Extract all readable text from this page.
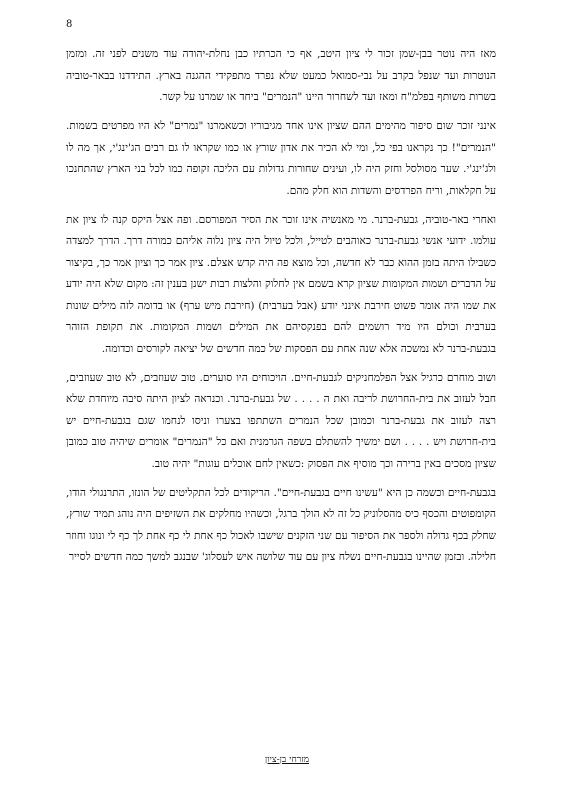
8

מאז היה נוטר בבן-שמן זכור לי ציון היטב, אף כי הכרתיו כבן נחלת-יהודה עוד משנים לפני זה. ומזמן הנוטרות ועד שנפל בקרב על נבי-סמואל כמעט שלא נפרד מתפקידי ההגנה בארץ. התידדנו בבאר-טוביה בשרות משותף בפלמ"ח ומאז ועד לשחרור היינו "הנמרים" ביחד או שמרנו על קשר.

אינני זוכר שום סיפור מהימים ההם שציון אינו אחד מגיבוריו וכשאמרנו "נמרים" לא היו מפרטים בשמות. "הנמרים"! כך נקראנו בפי כל, ומי לא הכיר את אדון שורץ או כמו שקראו לו גם רבים הג'ינג'י, אך מה לו ולג'ינג'י. שער מסולסל וחזק היה לו, ועינים שחורות גדולות עם הליכה זקופה כמו לכל בני הארץ שהתחנכו על חקלאות, וריח הפרדסים והשדות הוא חלק מהם.

ואחרי באר-טוביה, גבעת-ברנר. מי מאנשיה אינו זוכר את הסיר המפורסם. ופה אצל היקס קנה לו ציון את עולמו. ידועי אנשי גבעת-ברנר כאוהבים לטייל, ולכל טיול היה ציון נלוה אליהם כמורה דרך. הדרך למצדה כשבילו היתה בזמן ההוא כבר לא חדשה, וכל מוצא פה היה קדש אצלם. ציון אמר כך וציון אמר כך, בקיצור על הדברים ושמות המקומות שציון קרא בשמם אין לחלוק והלצות רבות ישנן בענין זה: מקום שלא היה יודע את שמו היה אומר פשוט חירבת אינני יודע (אבל בערבית) (חירבת מיש ערף) או בדומה לזה מילים שונות בערבית וכולם היו מיד רושמים להם בפנקסיהם את המילים ושמות המקומות. את תקופת הזוהר בגבעת-ברנר לא נמשכה אלא שנה אחת עם הפסקות של כמה חדשים של יציאה לקורסים וכדומה.

ושוב מוחרם כרגיל אצל הפלמחניקים לגבעת-חיים. הויכוחים היו סוערים. טוב שעוזבים, לא טוב שעוזבים, חבל לעזוב את בית-החרושת לריבה ואת ה . . . . של גבעת-ברנר. וכנראה לציון היתה סיבה מיוחדת שלא רצה לעזוב את גבעת-ברנר וכמובן שכל הנמרים השתתפו בצערו וניסו לנחמו שגם בגבעת-חיים יש בית-חרושת ויש . . . . ושם ימשיך להשתלם בשפה הגרמנית ואם כל "הנמרים" אומרים שיהיה טוב כמובן שציון מסכים באין ברירה וכך מוסיף את הפסוק :כשאין לחם אוכלים עוגות" יהיה טוב.

בגבעת-חיים וכשמה כן היא "עשינו חיים בגבעת-חיים". הריקודים לכל התקליטים של הונזו, התרנגולי הודו, הקומפוטים והכסף כיס מהסלוניק כל זה לא הולך ברגל, וכשהיו מחלקים את השזיפים היה נוהג תמיד שורץ, שחלק בכף גדולה ולספר את הסיפור עם שני הזקנים שישבו לאכול כף אחת לי כף אחת לך כף לי ונוגו וחוזר חלילה. ובזמן שהיינו בגבעת-חיים נשלח ציון עם עוד שלושה איש לעסלוג' שבנגב למשך כמה חדשים לסייר

מזרחי בן-ציון
